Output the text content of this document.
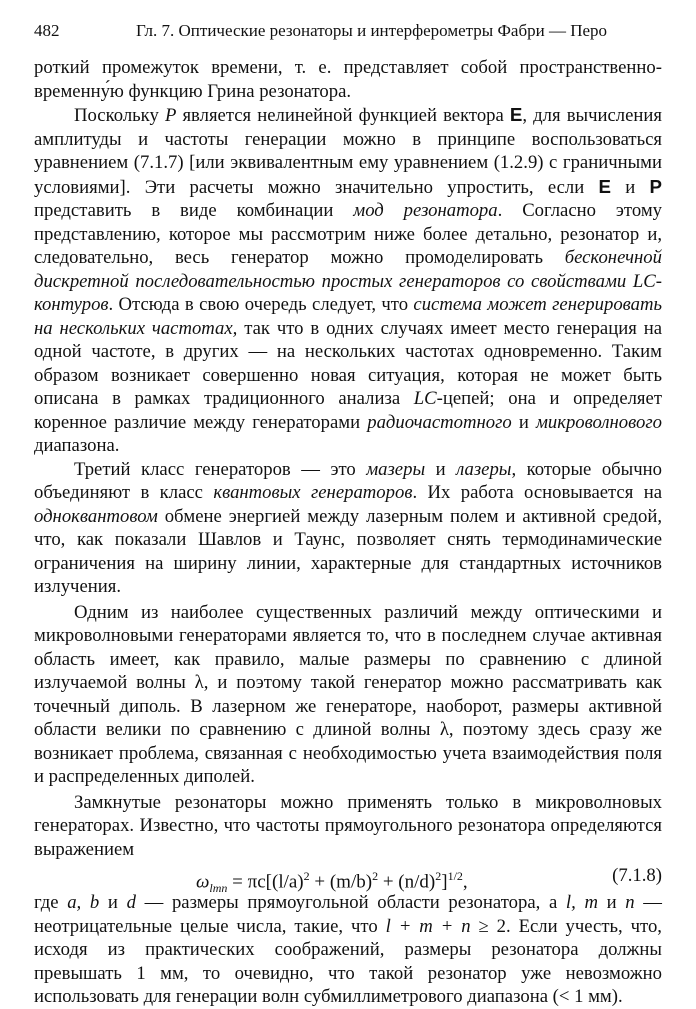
482	Гл. 7. Оптические резонаторы и интерферометры Фабри — Перо

роткий промежуток времени, т. е. представляет собой пространственно-временну́ю функцию Грина резонатора.

Поскольку P является нелинейной функцией вектора E, для вычисления амплитуды и частоты генерации можно в принципе воспользоваться уравнением (7.1.7) [или эквивалентным ему уравнением (1.2.9) с граничными условиями]. Эти расчеты можно значительно упростить, если E и P представить в виде комбинации мод резонатора. Согласно этому представлению, которое мы рассмотрим ниже более детально, резонатор и, следовательно, весь генератор можно промоделировать бесконечной дискретной последовательностью простых генераторов со свойствами LC-контуров. Отсюда в свою очередь следует, что система может генерировать на нескольких частотах, так что в одних случаях имеет место генерация на одной частоте, в других — на нескольких частотах одновременно. Таким образом возникает совершенно новая ситуация, которая не может быть описана в рамках традиционного анализа LC-цепей; она и определяет коренное различие между генераторами радиочастотного и микроволнового диапазона.

Третий класс генераторов — это мазеры и лазеры, которые обычно объединяют в класс квантовых генераторов. Их работа основывается на одноквантовом обмене энергией между лазерным полем и активной средой, что, как показали Шавлов и Таунс, позволяет снять термодинамические ограничения на ширину линии, характерные для стандартных источников излучения.

Одним из наиболее существенных различий между оптическими и микроволновыми генераторами является то, что в последнем случае активная область имеет, как правило, малые размеры по сравнению с длиной излучаемой волны λ, и поэтому такой генератор можно рассматривать как точечный диполь. В лазерном же генераторе, наоборот, размеры активной области велики по сравнению с длиной волны λ, поэтому здесь сразу же возникает проблема, связанная с необходимостью учета взаимодействия поля и распределенных диполей.

Замкнутые резонаторы можно применять только в микроволновых генераторах. Известно, что частоты прямоугольного резонатора определяются выражением

$\omega_{lmn} = \pi c[(l/a)^2 + (m/b)^2 + (n/d)^2]^{1/2}$,	(7.1.8)

где a, b и d — размеры прямоугольной области резонатора, а l, m и n — неотрицательные целые числа, такие, что l + m + n ≥ 2. Если учесть, что, исходя из практических соображений, размеры резонатора должны превышать 1 мм, то очевидно, что такой резонатор уже невозможно использовать для генерации волн субмиллиметрового диапазона (< 1 мм).
